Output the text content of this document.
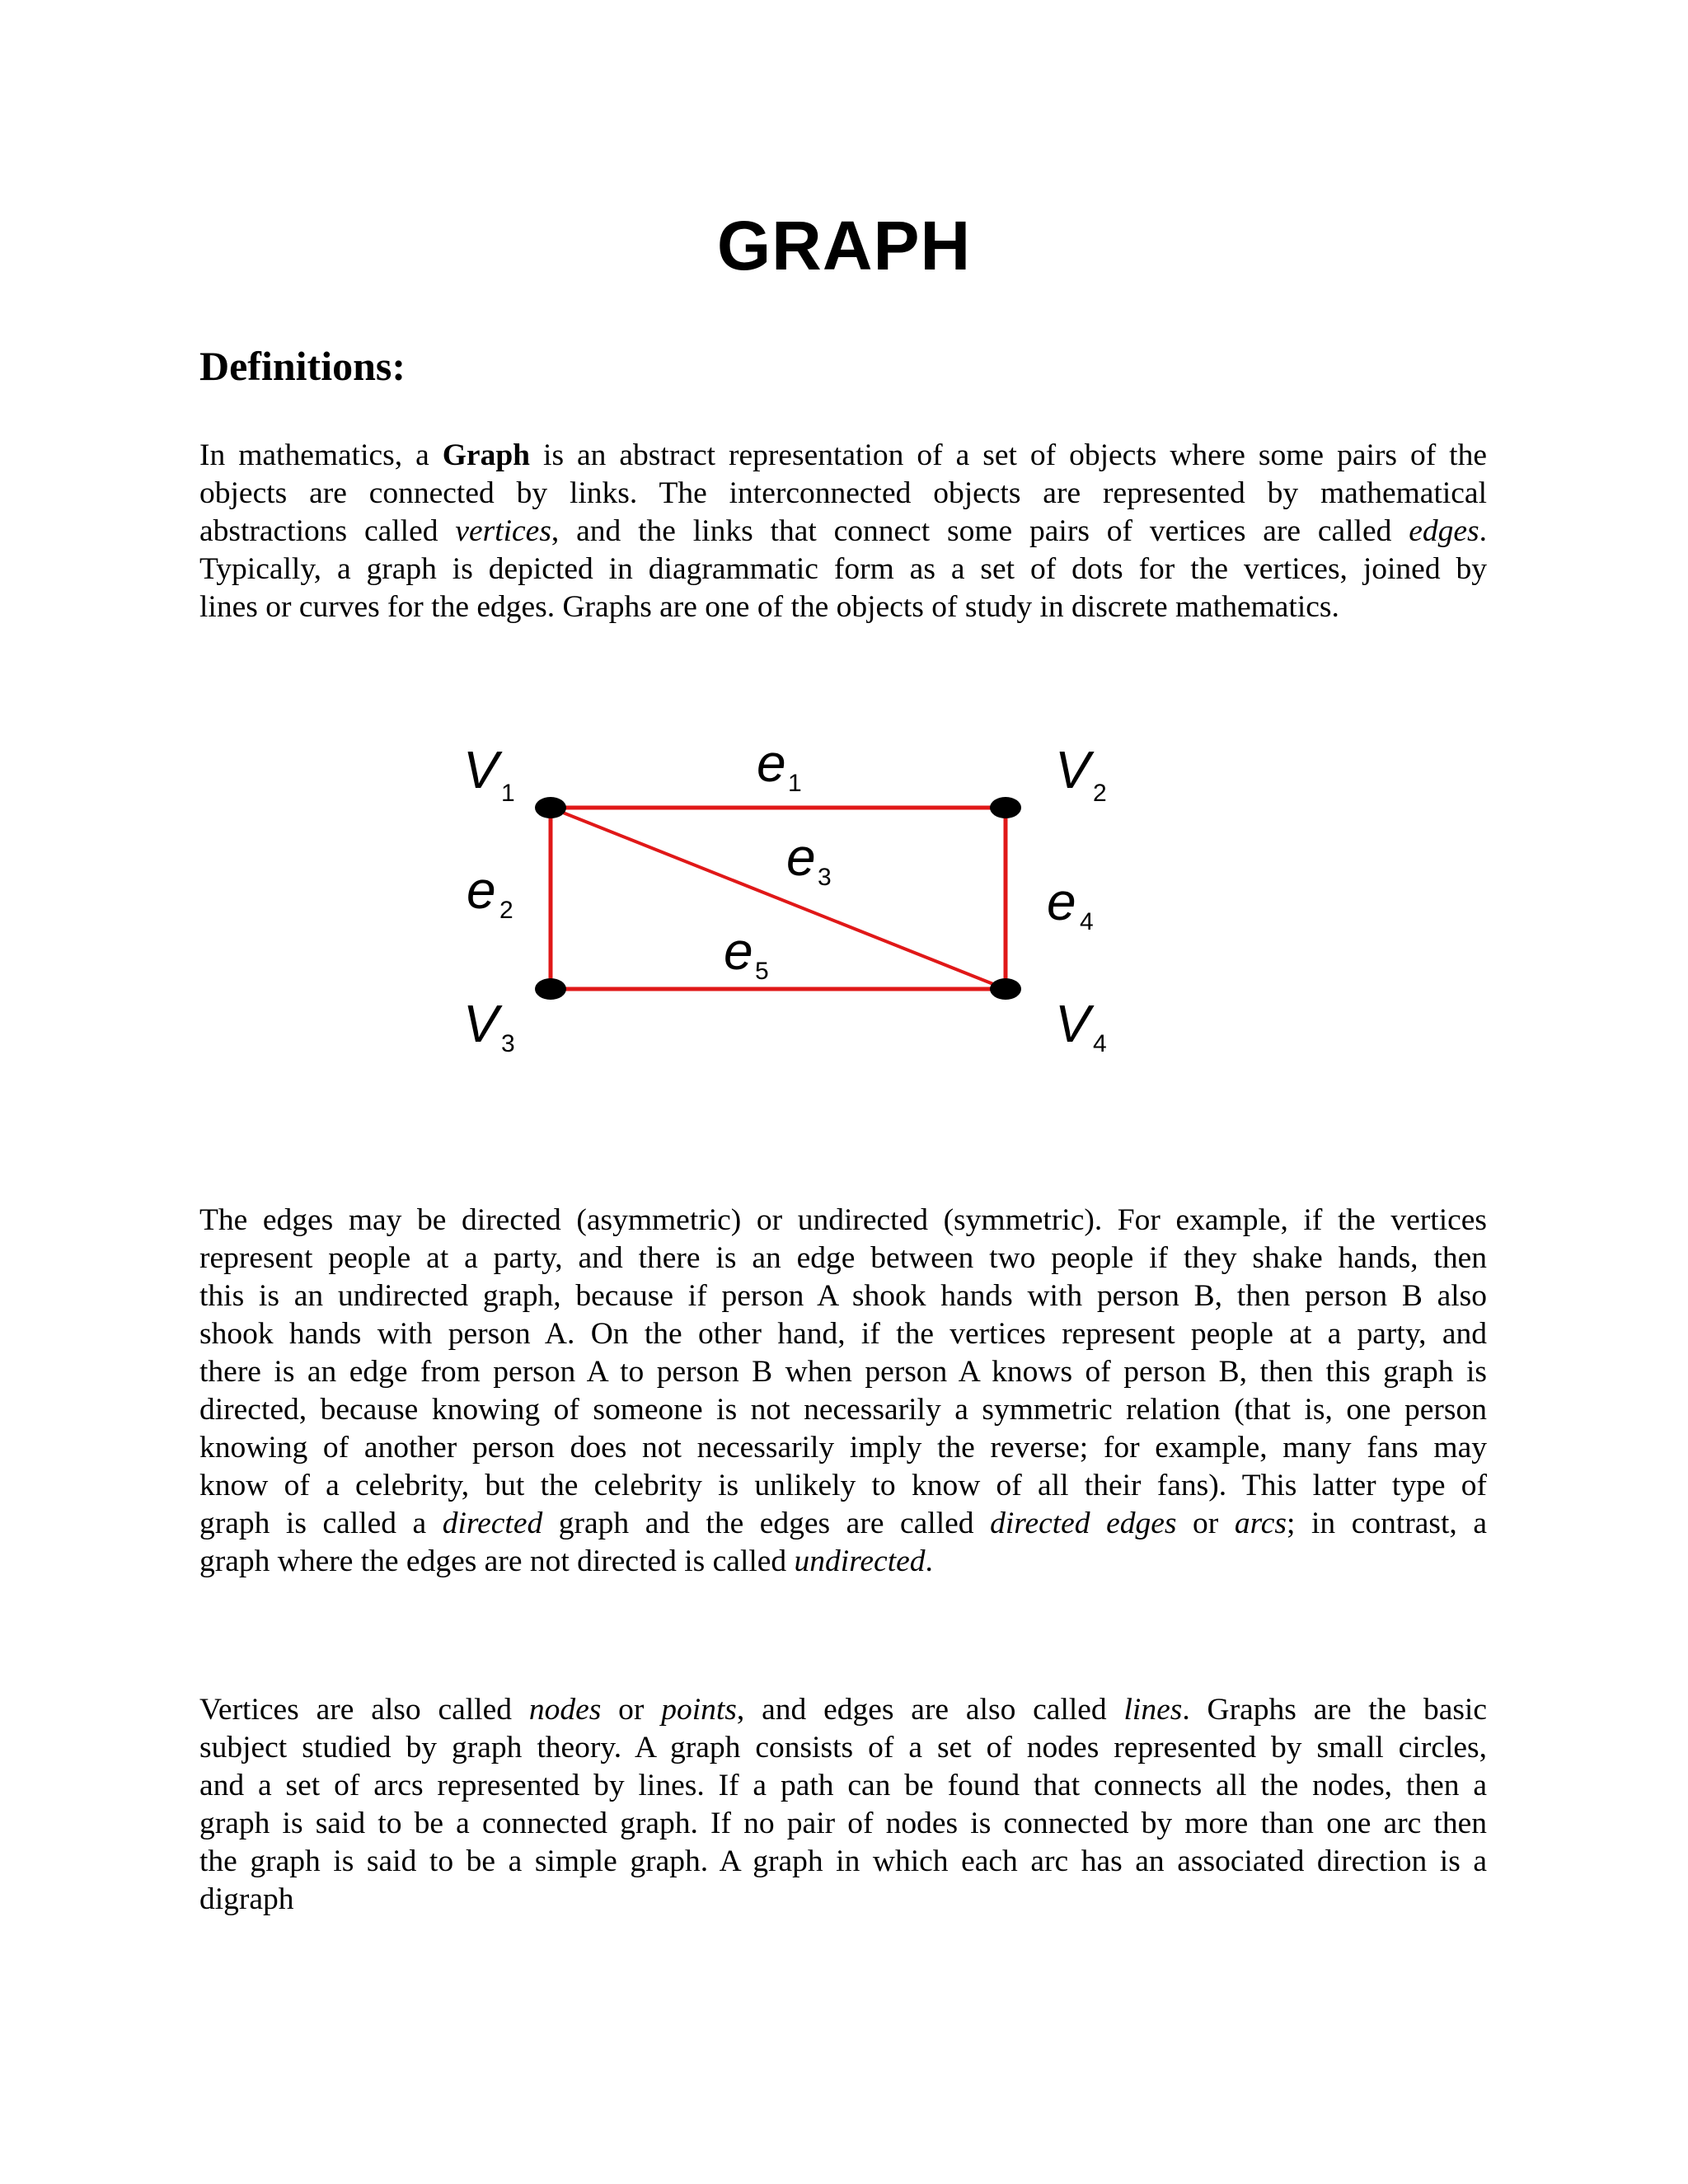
GRAPH
Definitions:
In mathematics, a Graph is an abstract representation of a set of objects where some pairs of the
objects are connected by links. The interconnected objects are represented by mathematical
abstractions called vertices, and the links that connect some pairs of vertices are called edges.
Typically, a graph is depicted in diagrammatic form as a set of dots for the vertices, joined by
lines or curves for the edges. Graphs are one of the objects of study in discrete mathematics.
V 1	V 2
V 3	V 4
e 1
e 2
e 3	e 4
e 5
The edges may be directed (asymmetric) or undirected (symmetric). For example, if the vertices
represent people at a party, and there is an edge between two people if they shake hands, then
this is an undirected graph, because if person A shook hands with person B, then person B also
shook hands with person A. On the other hand, if the vertices represent people at a party, and
there is an edge from person A to person B when person A knows of person B, then this graph is
directed, because knowing of someone is not necessarily a symmetric relation (that is, one person
knowing of another person does not necessarily imply the reverse; for example, many fans may
know of a celebrity, but the celebrity is unlikely to know of all their fans). This latter type of
graph is called a directed graph and the edges are called directed edges or arcs; in contrast, a
graph where the edges are not directed is called undirected.
Vertices are also called nodes or points, and edges are also called lines. Graphs are the basic
subject studied by graph theory. A graph consists of a set of nodes represented by small circles,
and a set of arcs represented by lines. If a path can be found that connects all the nodes, then a
graph is said to be a connected graph. If no pair of nodes is connected by more than one arc then
the graph is said to be a simple graph. A graph in which each arc has an associated direction is a
digraph
